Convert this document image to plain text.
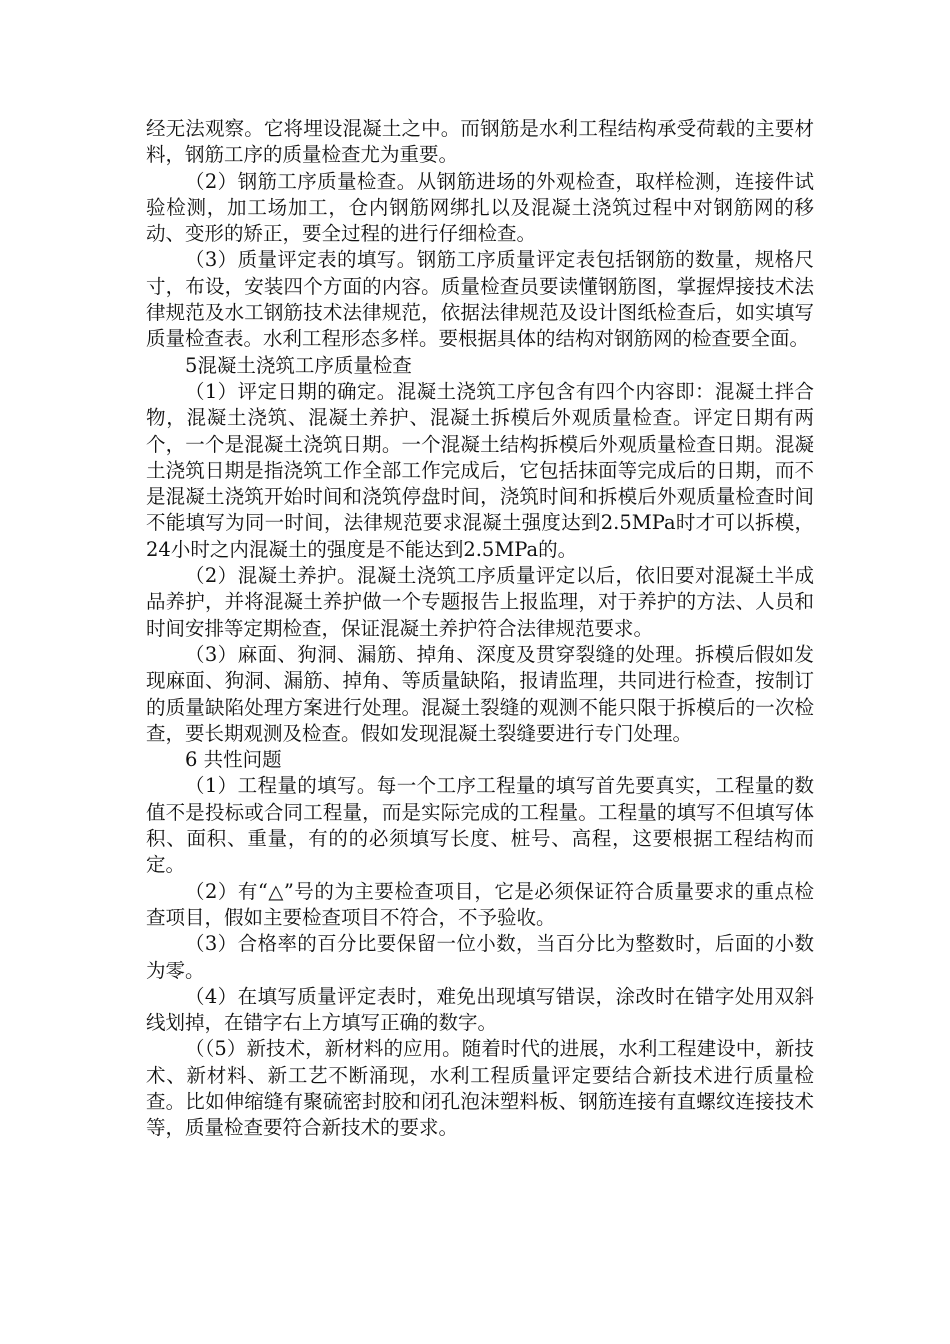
经无法观察。它将埋设混凝土之中。而钢筋是水利工程结构承受荷载的主要材料，钢筋工序的质量检查尤为重要。

（2）钢筋工序质量检查。从钢筋进场的外观检查，取样检测，连接件试验检测，加工场加工，仓内钢筋网绑扎以及混凝土浇筑过程中对钢筋网的移动、变形的矫正，要全过程的进行仔细检查。

（3）质量评定表的填写。钢筋工序质量评定表包括钢筋的数量，规格尺寸，布设，安装四个方面的内容。质量检查员要读懂钢筋图，掌握焊接技术法律规范及水工钢筋技术法律规范，依据法律规范及设计图纸检查后，如实填写质量检查表。水利工程形态多样。要根据具体的结构对钢筋网的检查要全面。

5混凝土浇筑工序质量检查

（1）评定日期的确定。混凝土浇筑工序包含有四个内容即：混凝土拌合物，混凝土浇筑、混凝土养护、混凝土拆模后外观质量检查。评定日期有两个，一个是混凝土浇筑日期。一个混凝土结构拆模后外观质量检查日期。混凝土浇筑日期是指浇筑工作全部工作完成后，它包括抹面等完成后的日期，而不是混凝土浇筑开始时间和浇筑停盘时间，浇筑时间和拆模后外观质量检查时间不能填写为同一时间，法律规范要求混凝土强度达到2.5MPa时才可以拆模，24小时之内混凝土的强度是不能达到2.5MPa的。

（2）混凝土养护。混凝土浇筑工序质量评定以后，依旧要对混凝土半成品养护，并将混凝土养护做一个专题报告上报监理，对于养护的方法、人员和时间安排等定期检查，保证混凝土养护符合法律规范要求。

（3）麻面、狗洞、漏筋、掉角、深度及贯穿裂缝的处理。拆模后假如发现麻面、狗洞、漏筋、掉角、等质量缺陷，报请监理，共同进行检查，按制订的质量缺陷处理方案进行处理。混凝土裂缝的观测不能只限于拆模后的一次检查，要长期观测及检查。假如发现混凝土裂缝要进行专门处理。

6 共性问题

（1）工程量的填写。每一个工序工程量的填写首先要真实，工程量的数值不是投标或合同工程量，而是实际完成的工程量。工程量的填写不但填写体积、面积、重量，有的的必须填写长度、桩号、高程，这要根据工程结构而定。

（2）有“△”号的为主要检查项目，它是必须保证符合质量要求的重点检查项目，假如主要检查项目不符合，不予验收。

（3）合格率的百分比要保留一位小数，当百分比为整数时，后面的小数为零。

（4）在填写质量评定表时，难免出现填写错误，涂改时在错字处用双斜线划掉，在错字右上方填写正确的数字。

（（5）新技术，新材料的应用。随着时代的进展，水利工程建设中，新技术、新材料、新工艺不断涌现，水利工程质量评定要结合新技术进行质量检查。比如伸缩缝有聚硫密封胶和闭孔泡沫塑料板、钢筋连接有直螺纹连接技术等，质量检查要符合新技术的要求。
